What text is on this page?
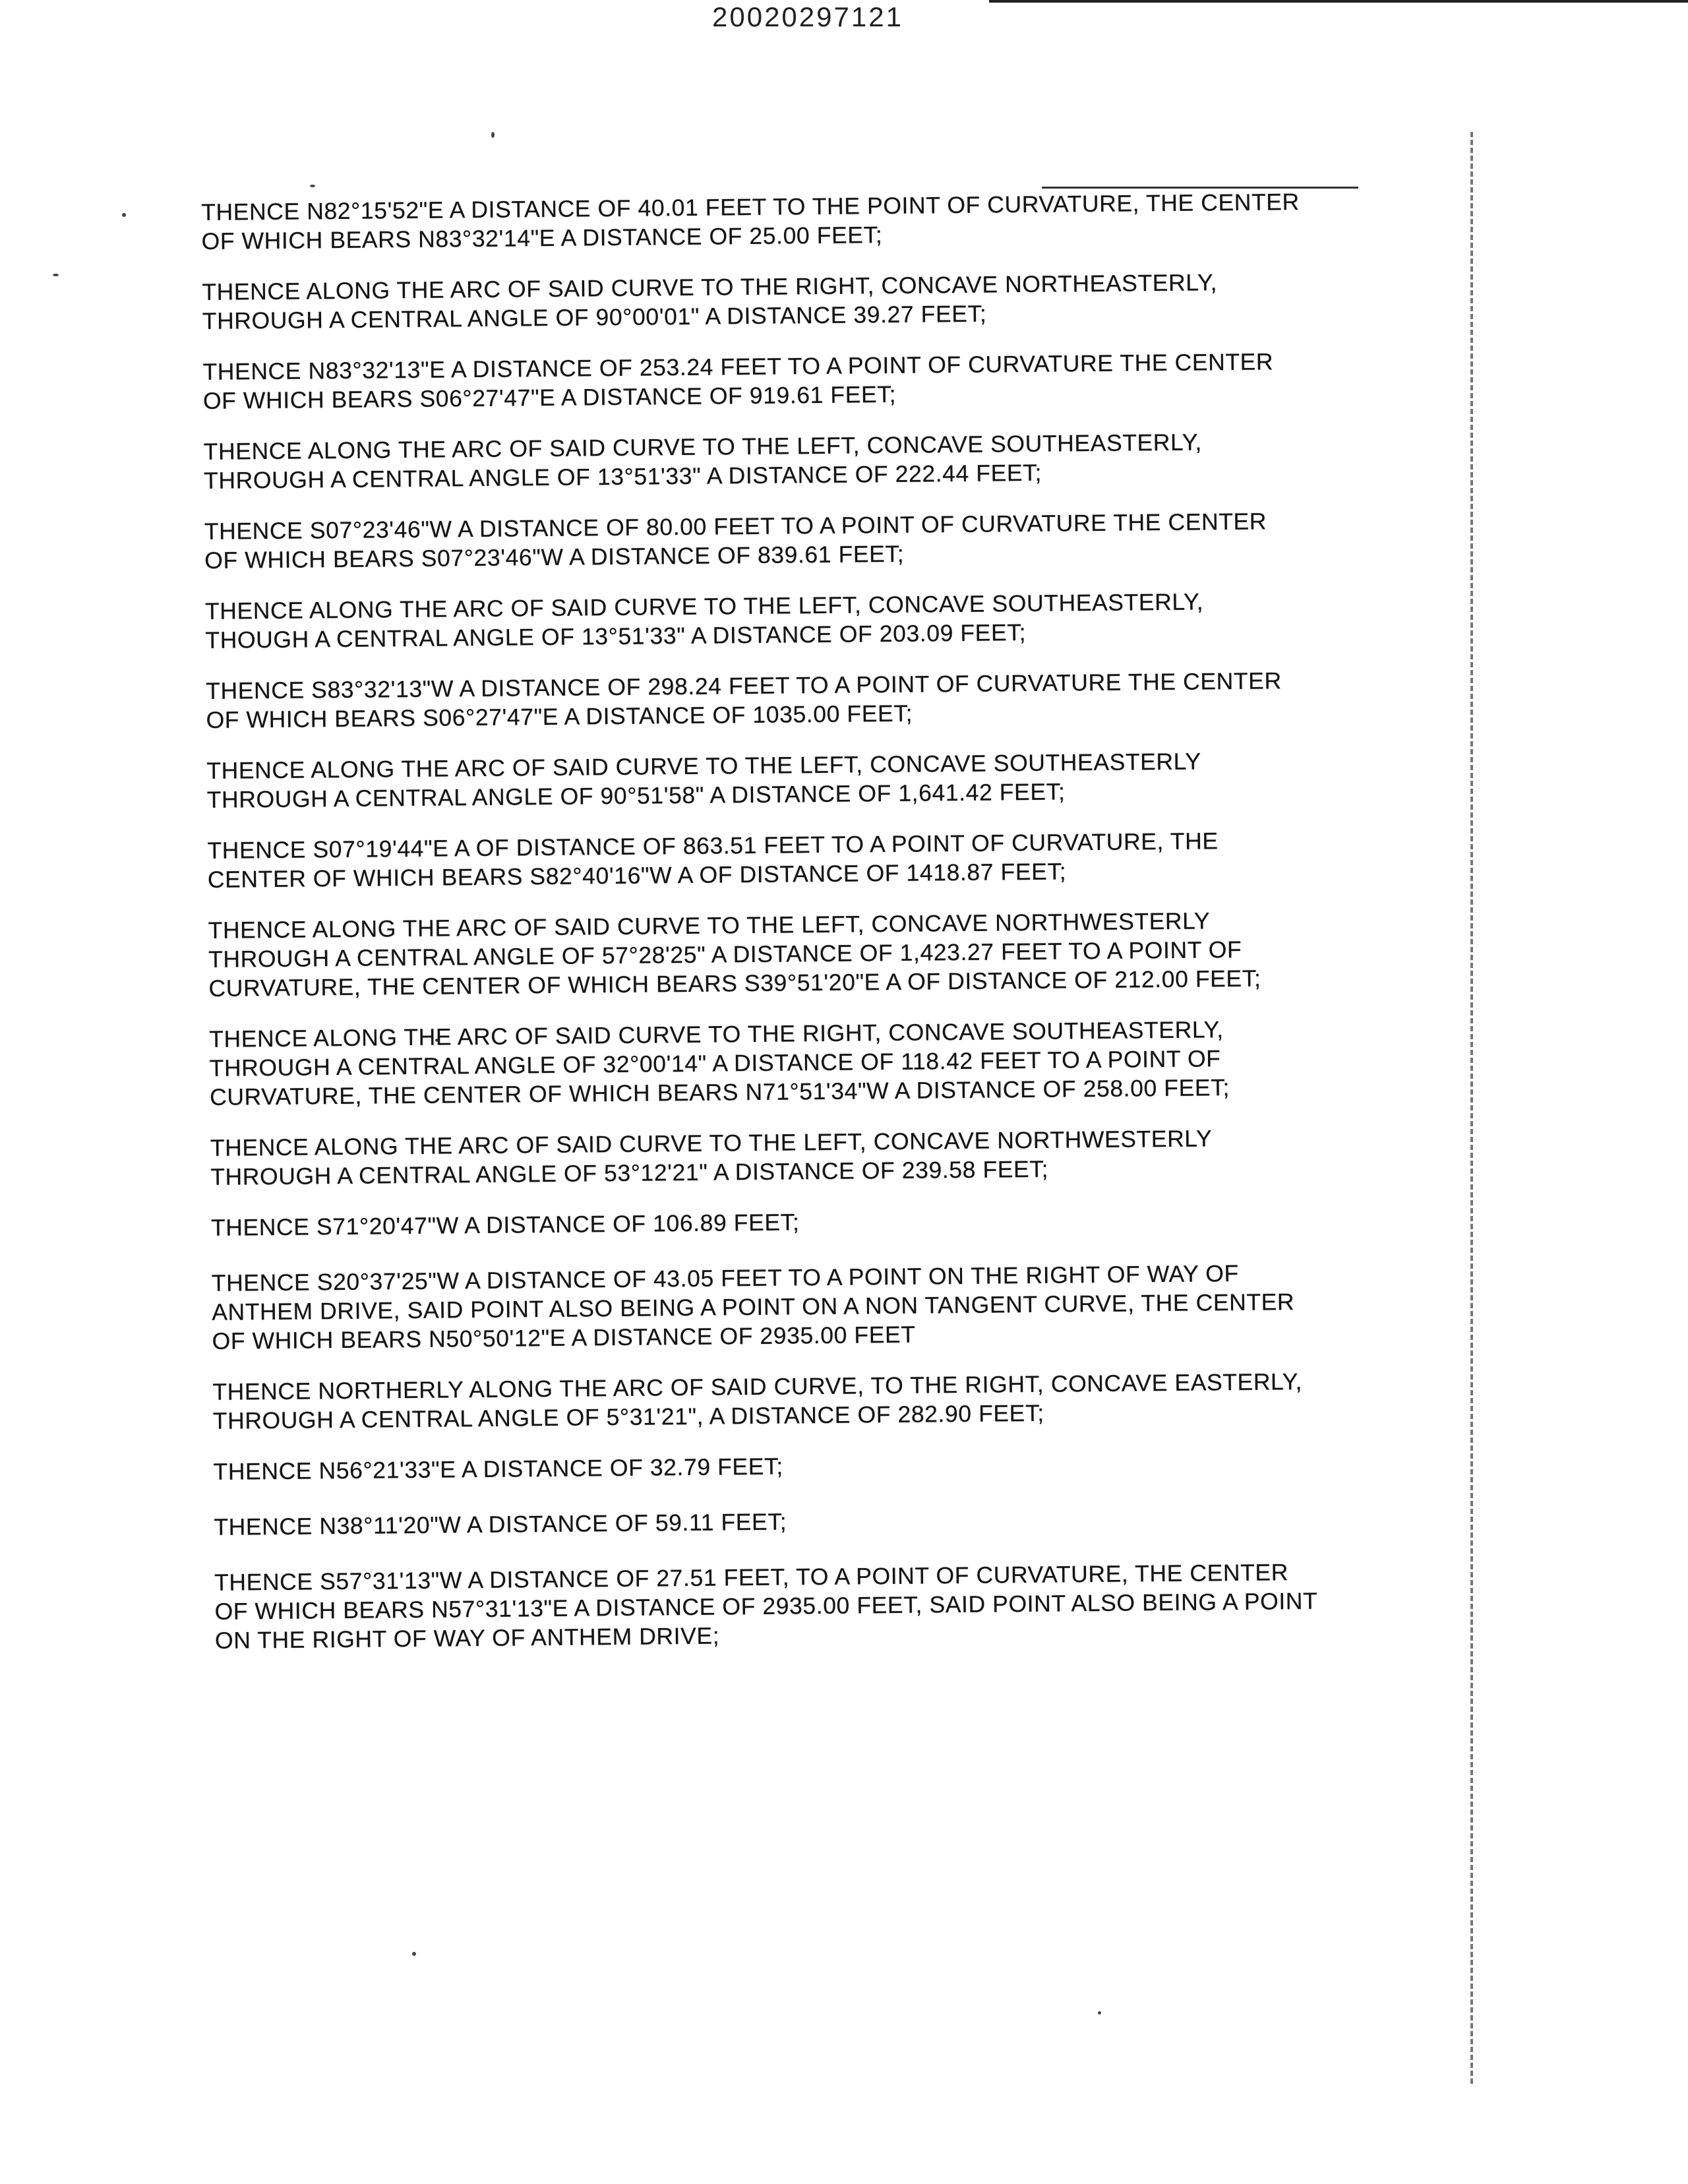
20020297121

THENCE N82°15'52"E A DISTANCE OF 40.01 FEET TO THE POINT OF CURVATURE, THE CENTER
OF WHICH BEARS N83°32'14"E A DISTANCE OF 25.00 FEET;

THENCE ALONG THE ARC OF SAID CURVE TO THE RIGHT, CONCAVE NORTHEASTERLY,
THROUGH A CENTRAL ANGLE OF 90°00'01" A DISTANCE 39.27 FEET;

THENCE N83°32'13"E A DISTANCE OF 253.24 FEET TO A POINT OF CURVATURE THE CENTER
OF WHICH BEARS S06°27'47"E A DISTANCE OF 919.61 FEET;

THENCE ALONG THE ARC OF SAID CURVE TO THE LEFT, CONCAVE SOUTHEASTERLY,
THROUGH A CENTRAL ANGLE OF 13°51'33" A DISTANCE OF 222.44 FEET;

THENCE S07°23'46"W A DISTANCE OF 80.00 FEET TO A POINT OF CURVATURE THE CENTER
OF WHICH BEARS S07°23'46"W A DISTANCE OF 839.61 FEET;

THENCE ALONG THE ARC OF SAID CURVE TO THE LEFT, CONCAVE SOUTHEASTERLY,
THOUGH A CENTRAL ANGLE OF 13°51'33" A DISTANCE OF 203.09 FEET;

THENCE S83°32'13"W A DISTANCE OF 298.24 FEET TO A POINT OF CURVATURE THE CENTER
OF WHICH BEARS S06°27'47"E A DISTANCE OF 1035.00 FEET;

THENCE ALONG THE ARC OF SAID CURVE TO THE LEFT, CONCAVE SOUTHEASTERLY
THROUGH A CENTRAL ANGLE OF 90°51'58" A DISTANCE OF 1,641.42 FEET;

THENCE S07°19'44"E A OF DISTANCE OF 863.51 FEET TO A POINT OF CURVATURE, THE
CENTER OF WHICH BEARS S82°40'16"W A OF DISTANCE OF 1418.87 FEET;

THENCE ALONG THE ARC OF SAID CURVE TO THE LEFT, CONCAVE NORTHWESTERLY
THROUGH A CENTRAL ANGLE OF 57°28'25" A DISTANCE OF 1,423.27 FEET TO A POINT OF
CURVATURE, THE CENTER OF WHICH BEARS S39°51'20"E A OF DISTANCE OF 212.00 FEET;

THENCE ALONG THE ARC OF SAID CURVE TO THE RIGHT, CONCAVE SOUTHEASTERLY,
THROUGH A CENTRAL ANGLE OF 32°00'14" A DISTANCE OF 118.42 FEET TO A POINT OF
CURVATURE, THE CENTER OF WHICH BEARS N71°51'34"W A DISTANCE OF 258.00 FEET;

THENCE ALONG THE ARC OF SAID CURVE TO THE LEFT, CONCAVE NORTHWESTERLY
THROUGH A CENTRAL ANGLE OF 53°12'21" A DISTANCE OF 239.58 FEET;

THENCE S71°20'47"W A DISTANCE OF 106.89 FEET;

THENCE S20°37'25"W A DISTANCE OF 43.05 FEET TO A POINT ON THE RIGHT OF WAY OF
ANTHEM DRIVE, SAID POINT ALSO BEING A POINT ON A NON TANGENT CURVE, THE CENTER
OF WHICH BEARS N50°50'12"E A DISTANCE OF 2935.00 FEET

THENCE NORTHERLY ALONG THE ARC OF SAID CURVE, TO THE RIGHT, CONCAVE EASTERLY,
THROUGH A CENTRAL ANGLE OF 5°31'21", A DISTANCE OF 282.90 FEET;

THENCE N56°21'33"E A DISTANCE OF 32.79 FEET;

THENCE N38°11'20"W A DISTANCE OF 59.11 FEET;

THENCE S57°31'13"W A DISTANCE OF 27.51 FEET, TO A POINT OF CURVATURE, THE CENTER
OF WHICH BEARS N57°31'13"E A DISTANCE OF 2935.00 FEET, SAID POINT ALSO BEING A POINT
ON THE RIGHT OF WAY OF ANTHEM DRIVE;
